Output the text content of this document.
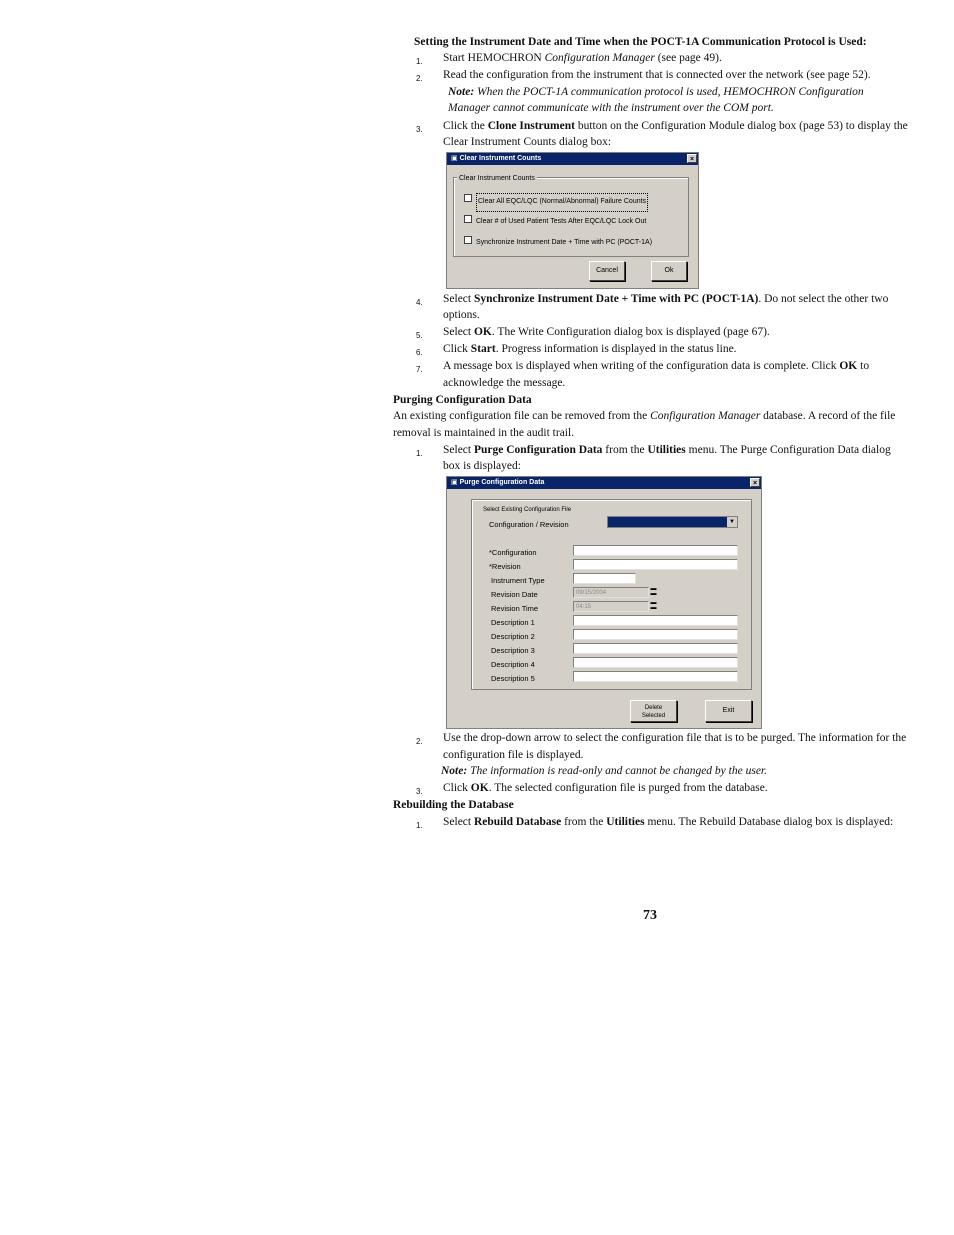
Setting the Instrument Date and Time when the POCT-1A Communication Protocol is Used:
1. Start HEMOCHRON Configuration Manager (see page 49).
2. Read the configuration from the instrument that is connected over the network (see page 52).
Note: When the POCT-1A communication protocol is used, HEMOCHRON Configuration
Manager cannot communicate with the instrument over the COM port.
3. Click the Clone Instrument button on the Configuration Module dialog box (page 53) to display the
Clear Instrument Counts dialog box:
▣ Clear Instrument Counts	×
Clear Instrument Counts
Clear All EQC/LQC (Normal/Abnormal) Failure Counts
Clear # of Used Patient Tests After EQC/LQC Lock Out
Synchronize Instrument Date + Time with PC (POCT-1A)
Cancel	Ok
4. Select Synchronize Instrument Date + Time with PC (POCT-1A). Do not select the other two
options.
5. Select OK. The Write Configuration dialog box is displayed (page 67).
6. Click Start. Progress information is displayed in the status line.
7. A message box is displayed when writing of the configuration data is complete. Click OK to
acknowledge the message.
Purging Configuration Data
An existing configuration file can be removed from the Configuration Manager database. A record of the file
removal is maintained in the audit trail.
1. Select Purge Configuration Data from the Utilities menu. The Purge Configuration Data dialog
box is displayed:
▣ Purge Configuration Data	×
Select Existing Configuration File
Configuration / Revision	▼
*Configuration
*Revision
Instrument Type
Revision Date	09/15/2004
▬
▬
Revision Time	04:15
▬
▬
Description 1
Description 2
Description 3
Description 4
Description 5
Delete
Selected
Exit
2. Use the drop-down arrow to select the configuration file that is to be purged. The information for the
configuration file is displayed.
Note: The information is read-only and cannot be changed by the user.
3. Click OK. The selected configuration file is purged from the database.
Rebuilding the Database
1. Select Rebuild Database from the Utilities menu. The Rebuild Database dialog box is displayed:
73
